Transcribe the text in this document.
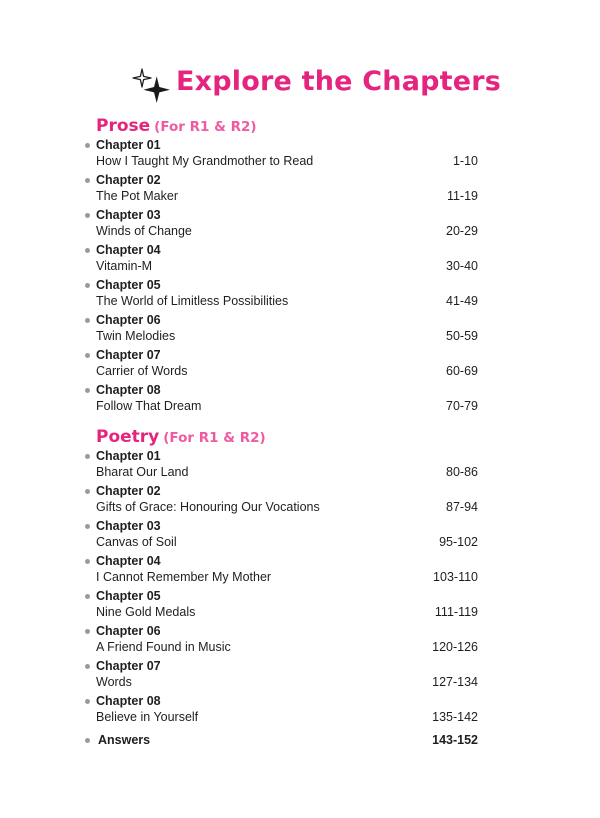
Explore the Chapters
Prose (For R1 & R2)
Chapter 01
How I Taught My Grandmother to Read	1-10
Chapter 02
The Pot Maker	11-19
Chapter 03
Winds of Change	20-29
Chapter 04
Vitamin-M	30-40
Chapter 05
The World of Limitless Possibilities	41-49
Chapter 06
Twin Melodies	50-59
Chapter 07
Carrier of Words	60-69
Chapter 08
Follow That Dream	70-79
Poetry (For R1 & R2)
Chapter 01
Bharat Our Land	80-86
Chapter 02
Gifts of Grace: Honouring Our Vocations	87-94
Chapter 03
Canvas of Soil	95-102
Chapter 04
I Cannot Remember My Mother	103-110
Chapter 05
Nine Gold Medals	111-119
Chapter 06
A Friend Found in Music	120-126
Chapter 07
Words	127-134
Chapter 08
Believe in Yourself	135-142
Answers	143-152
